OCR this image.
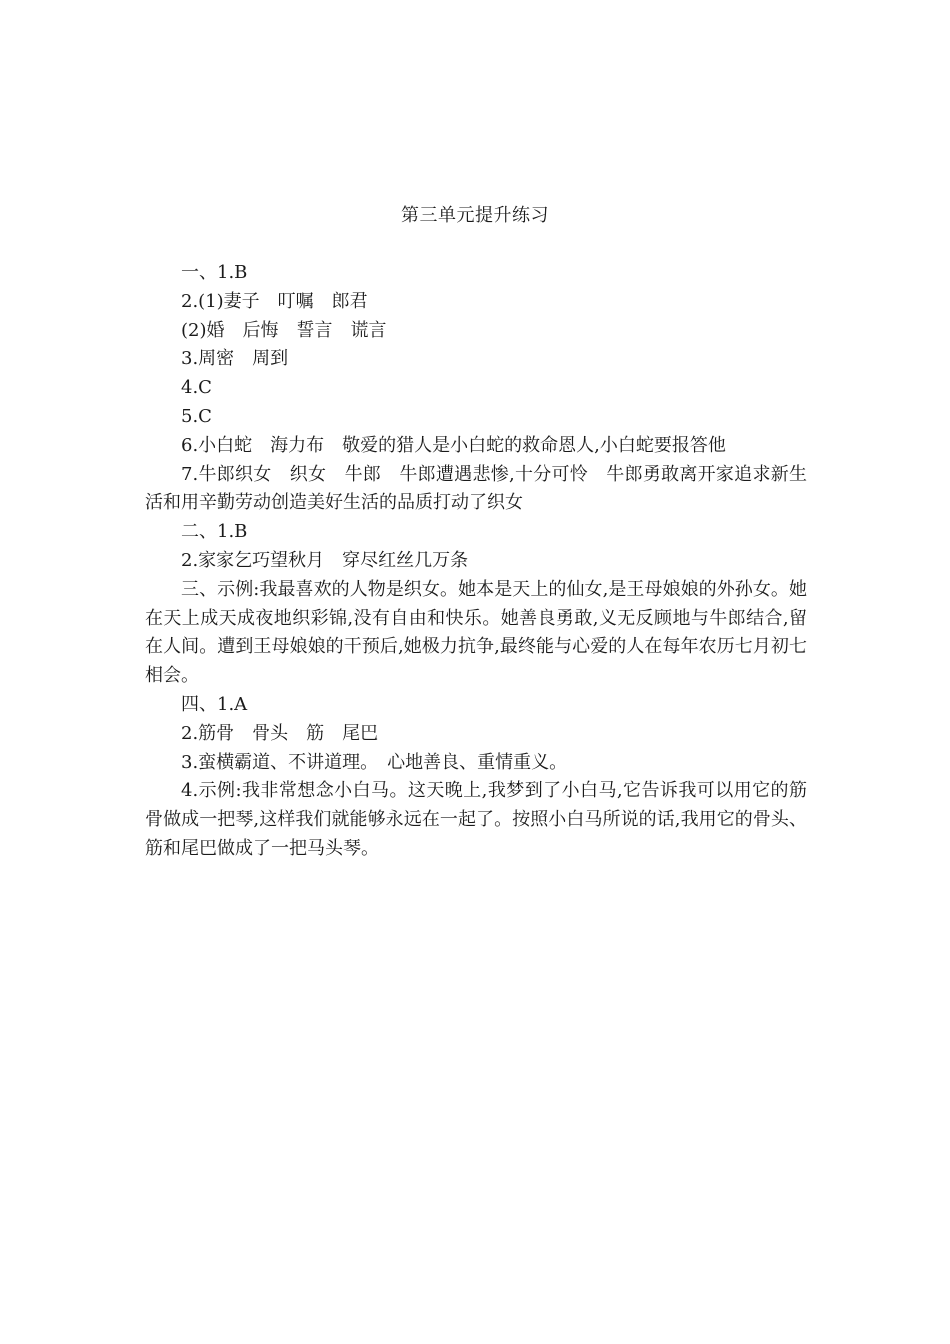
第三单元提升练习

一、1.B

2.(1)妻子　叮嘱　郎君

(2)婚　后悔　誓言　谎言

3.周密　周到

4.C

5.C

6.小白蛇　海力布　敬爱的猎人是小白蛇的救命恩人,小白蛇要报答他

7.牛郎织女　织女　牛郎　牛郎遭遇悲惨,十分可怜　牛郎勇敢离开家追求新生活和用辛勤劳动创造美好生活的品质打动了织女

二、1.B

2.家家乞巧望秋月　穿尽红丝几万条

三、示例:我最喜欢的人物是织女。她本是天上的仙女,是王母娘娘的外孙女。她在天上成天成夜地织彩锦,没有自由和快乐。她善良勇敢,义无反顾地与牛郎结合,留在人间。遭到王母娘娘的干预后,她极力抗争,最终能与心爱的人在每年农历七月初七相会。

四、1.A

2.筋骨　骨头　筋　尾巴

3.蛮横霸道、不讲道理。　心地善良、重情重义。

4.示例:我非常想念小白马。这天晚上,我梦到了小白马,它告诉我可以用它的筋骨做成一把琴,这样我们就能够永远在一起了。按照小白马所说的话,我用它的骨头、筋和尾巴做成了一把马头琴。
